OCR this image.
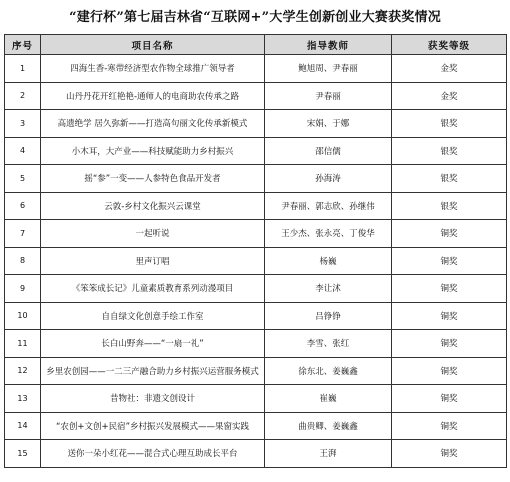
“建行杯”第七届吉林省“互联网+”大学生创新创业大赛获奖情况
序号	项目名称	指导教师	获奖等级
1	四海生香-寒带经济型农作物全球推广领导者	鲍旭周、尹春丽	金奖
2	山丹丹花开红艳艳-通师人的电商助农传承之路	尹春丽	金奖
3	高遗绝学 居久弥新——打造高句丽文化传承新模式	宋娟、于娜	银奖
4	小木耳，大产业——科技赋能助力乡村振兴	邵信儒	银奖
5	摇“参”一变——人参特色食品开发者	孙海涛	银奖
6	云敦-乡村文化振兴云课堂	尹春丽、郭志欣、孙继伟	银奖
7	一起听说	王少杰、张永亮、丁俊华	铜奖
8	里声订唱	杨巍	铜奖
9	《笨笨成长记》儿童素质教育系列动漫项目	李让沭	铜奖
10	自自绿文化创意手绘工作室	吕铮铮	铜奖
11	长白山野奔——“一扇一礼”	李雪、张红	铜奖
12	乡里农创园——一二三产融合助力乡村振兴运营服务模式	徐东北、姜巍鑫	铜奖
13	昔物社：非遗文创设计	崔巍	铜奖
14	“农创+文创+民宿”乡村振兴发展模式——果窗实践	曲贵卿、姜巍鑫	铜奖
15	送你一朵小红花——混合式心理互助成长平台	王湃	铜奖
